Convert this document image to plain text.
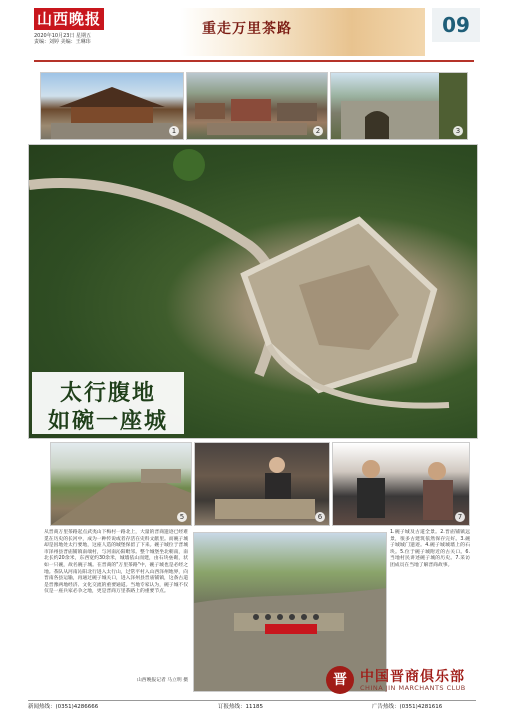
山西晚报
2020年10月23日 星期五
责编：刘婷 美编：王琳玮
重走万里茶路	09
1	2	3
太行腹地
如碗一座城
5	6	7
从晋商万里茶路起点武夷山下梅村一路北上，大量的晋商遗迹已经难觅在历史的长河中，成为一种传说或者存活在史料文献里。而碗子城却是因地处太行要地，这座人造的城堡保留了下来。碗子城位于晋城市泽州县晋庙铺镇南端村，与河南沁阳毗邻。整个城堡坐北朝南，南北长约20余米，东西宽约30余米，城墙依山而建，由石块垒砌，状如一只碗，故名碗子城。在晋商的"万里茶路"中，碗子城也是必经之地。茶队从河南沁阳北行进入太行山，过常平村入山西泽州地界，向晋南各县运输，再通过碗子城关口，进入泽州县晋庙铺镇，这条古道是晋豫两地经济、文化交流的重要通道。当地专家认为，碗子城不仅仅是一座兵家必争之地，更是晋商万里茶路上的重要节点。
山西晚报记者 马立明 摄
1.碗子城及古道全景。2.晋庙铺镇远景，很多古建筑依然保存完好。3.碗子城城门遗迹。4.碗子城城墙上的石块。5.位于碗子城附近的古关口。6.当地村民讲述碗子城的历史。7.采访团成员在当地了解晋商故事。
晋 中国晋商俱乐部
CHINA JIN MARCHANTS CLUB
新闻热线：(0351)4286666	订报热线：11185	广告热线：(0351)4281616
